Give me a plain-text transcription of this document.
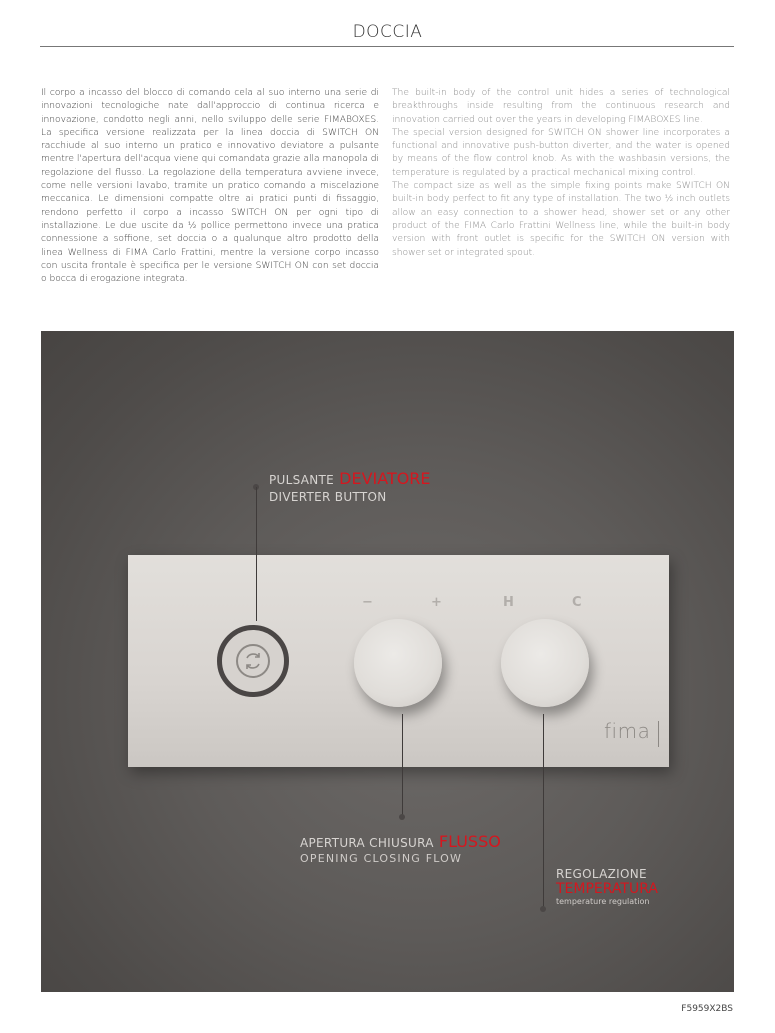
DOCCIA

Il corpo a incasso del blocco di comando cela al suo interno una serie di innovazioni tecnologiche nate dall'approccio di continua ricerca e innovazione, condotto negli anni, nello sviluppo delle serie FIMABOXES. La specifica versione realizzata per la linea doccia di SWITCH ON racchiude al suo interno un pratico e innovativo deviatore a pulsante mentre l'apertura dell'acqua viene qui comandata grazie alla manopola di regolazione del flusso. La regolazione della temperatura avviene invece, come nelle versioni lavabo, tramite un pratico comando a miscelazione meccanica. Le dimensioni compatte oltre ai pratici punti di fissaggio, rendono perfetto il corpo a incasso SWITCH ON per ogni tipo di installazione. Le due uscite da ½ pollice permettono invece una pratica connessione a soffione, set doccia o a qualunque altro prodotto della linea Wellness di FIMA Carlo Frattini, mentre la versione corpo incasso con uscita frontale è specifica per le versione SWITCH ON con set doccia o bocca di erogazione integrata.

The built-in body of the control unit hides a series of technological breakthroughs inside resulting from the continuous research and innovation carried out over the years in developing FIMABOXES line.

The special version designed for SWITCH ON shower line incorporates a functional and innovative push-button diverter, and the water is opened by means of the flow control knob. As with the washbasin versions, the temperature is regulated by a practical mechanical mixing control.

The compact size as well as the simple fixing points make SWITCH ON built-in body perfect to fit any type of installation. The two ½ inch outlets allow an easy connection to a shower head, shower set or any other product of the FIMA Carlo Frattini Wellness line, while the built-in body version with front outlet is specific for the SWITCH ON version with shower set or integrated spout.

−	+	H	C
fima
PULSANTE DEVIATORE
DIVERTER BUTTON
APERTURA CHIUSURA FLUSSO
OPENING CLOSING FLOW
REGOLAZIONE
TEMPERATURA
temperature regulation
F5959X2BS
